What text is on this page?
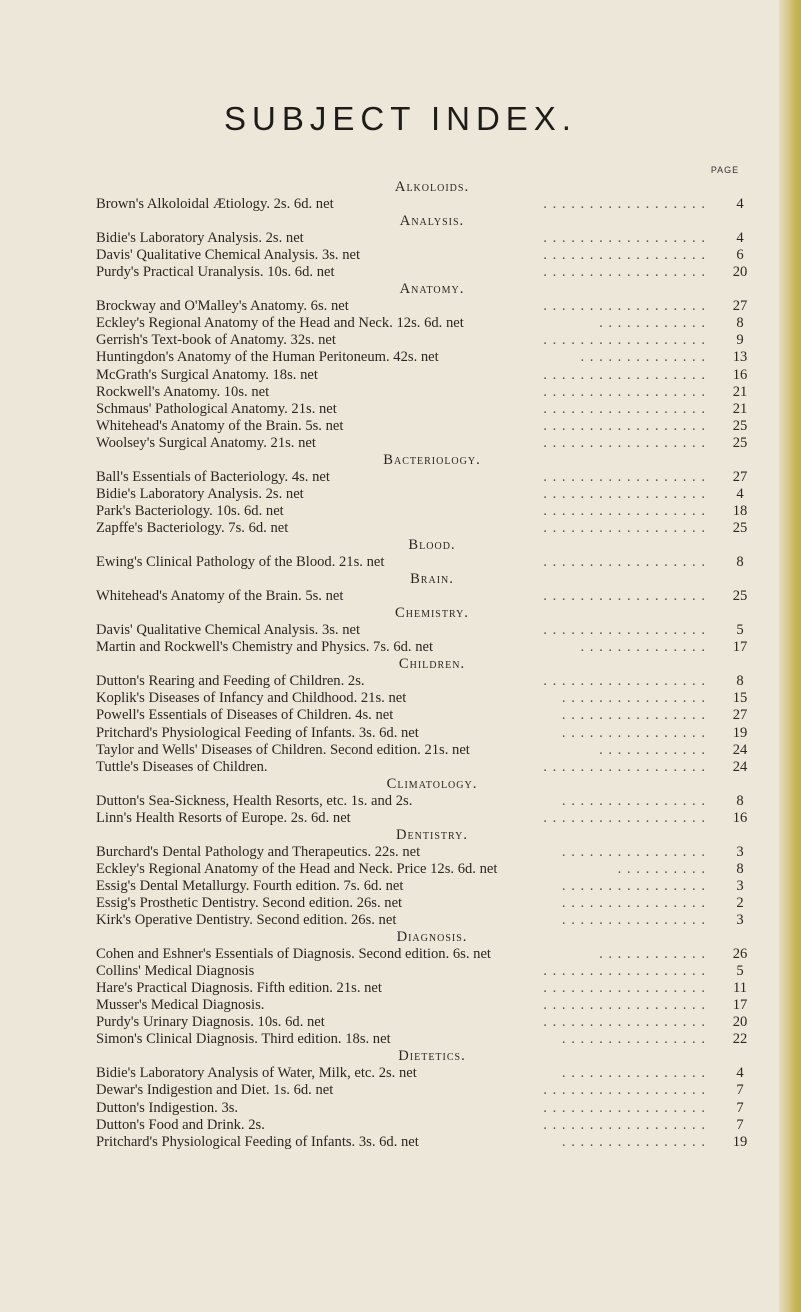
SUBJECT INDEX.
PAGE
Alkoloids.
Brown's Alkoloidal Ætiology. 2s. 6d. net	. . . . . . . . . . . . . . . . . .	4
Analysis.
Bidie's Laboratory Analysis. 2s. net	. . . . . . . . . . . . . . . . . .	4
Davis' Qualitative Chemical Analysis. 3s. net	. . . . . . . . . . . . . . . . . .	6
Purdy's Practical Uranalysis. 10s. 6d. net	. . . . . . . . . . . . . . . . . .	20
Anatomy.
Brockway and O'Malley's Anatomy. 6s. net	. . . . . . . . . . . . . . . . . .	27
Eckley's Regional Anatomy of the Head and Neck. 12s. 6d. net	. . . . . . . . . . . .	8
Gerrish's Text-book of Anatomy. 32s. net	. . . . . . . . . . . . . . . . . .	9
Huntingdon's Anatomy of the Human Peritoneum. 42s. net	. . . . . . . . . . . . . .	13
McGrath's Surgical Anatomy. 18s. net	. . . . . . . . . . . . . . . . . .	16
Rockwell's Anatomy. 10s. net	. . . . . . . . . . . . . . . . . .	21
Schmaus' Pathological Anatomy. 21s. net	. . . . . . . . . . . . . . . . . .	21
Whitehead's Anatomy of the Brain. 5s. net	. . . . . . . . . . . . . . . . . .	25
Woolsey's Surgical Anatomy. 21s. net	. . . . . . . . . . . . . . . . . .	25
Bacteriology.
Ball's Essentials of Bacteriology. 4s. net	. . . . . . . . . . . . . . . . . .	27
Bidie's Laboratory Analysis. 2s. net	. . . . . . . . . . . . . . . . . .	4
Park's Bacteriology. 10s. 6d. net	. . . . . . . . . . . . . . . . . .	18
Zapffe's Bacteriology. 7s. 6d. net	. . . . . . . . . . . . . . . . . .	25
Blood.
Ewing's Clinical Pathology of the Blood. 21s. net	. . . . . . . . . . . . . . . . . .	8
Brain.
Whitehead's Anatomy of the Brain. 5s. net	. . . . . . . . . . . . . . . . . .	25
Chemistry.
Davis' Qualitative Chemical Analysis. 3s. net	. . . . . . . . . . . . . . . . . .	5
Martin and Rockwell's Chemistry and Physics. 7s. 6d. net	. . . . . . . . . . . . . .	17
Children.
Dutton's Rearing and Feeding of Children. 2s.	. . . . . . . . . . . . . . . . . .	8
Koplik's Diseases of Infancy and Childhood. 21s. net	. . . . . . . . . . . . . . . .	15
Powell's Essentials of Diseases of Children. 4s. net	. . . . . . . . . . . . . . . .	27
Pritchard's Physiological Feeding of Infants. 3s. 6d. net	. . . . . . . . . . . . . . . .	19
Taylor and Wells' Diseases of Children. Second edition. 21s. net	. . . . . . . . . . . .	24
Tuttle's Diseases of Children.	. . . . . . . . . . . . . . . . . .	24
Climatology.
Dutton's Sea-Sickness, Health Resorts, etc. 1s. and 2s.	. . . . . . . . . . . . . . . .	8
Linn's Health Resorts of Europe. 2s. 6d. net	. . . . . . . . . . . . . . . . . .	16
Dentistry.
Burchard's Dental Pathology and Therapeutics. 22s. net	. . . . . . . . . . . . . . . .	3
Eckley's Regional Anatomy of the Head and Neck. Price 12s. 6d. net	. . . . . . . . . .	8
Essig's Dental Metallurgy. Fourth edition. 7s. 6d. net	. . . . . . . . . . . . . . . .	3
Essig's Prosthetic Dentistry. Second edition. 26s. net	. . . . . . . . . . . . . . . .	2
Kirk's Operative Dentistry. Second edition. 26s. net	. . . . . . . . . . . . . . . .	3
Diagnosis.
Cohen and Eshner's Essentials of Diagnosis. Second edition. 6s. net	. . . . . . . . . . . .	26
Collins' Medical Diagnosis	. . . . . . . . . . . . . . . . . .	5
Hare's Practical Diagnosis. Fifth edition. 21s. net	. . . . . . . . . . . . . . . . . .	11
Musser's Medical Diagnosis.	. . . . . . . . . . . . . . . . . .	17
Purdy's Urinary Diagnosis. 10s. 6d. net	. . . . . . . . . . . . . . . . . .	20
Simon's Clinical Diagnosis. Third edition. 18s. net	. . . . . . . . . . . . . . . .	22
Dietetics.
Bidie's Laboratory Analysis of Water, Milk, etc. 2s. net	. . . . . . . . . . . . . . . .	4
Dewar's Indigestion and Diet. 1s. 6d. net	. . . . . . . . . . . . . . . . . .	7
Dutton's Indigestion. 3s.	. . . . . . . . . . . . . . . . . .	7
Dutton's Food and Drink. 2s.	. . . . . . . . . . . . . . . . . .	7
Pritchard's Physiological Feeding of Infants. 3s. 6d. net	. . . . . . . . . . . . . . . .	19
